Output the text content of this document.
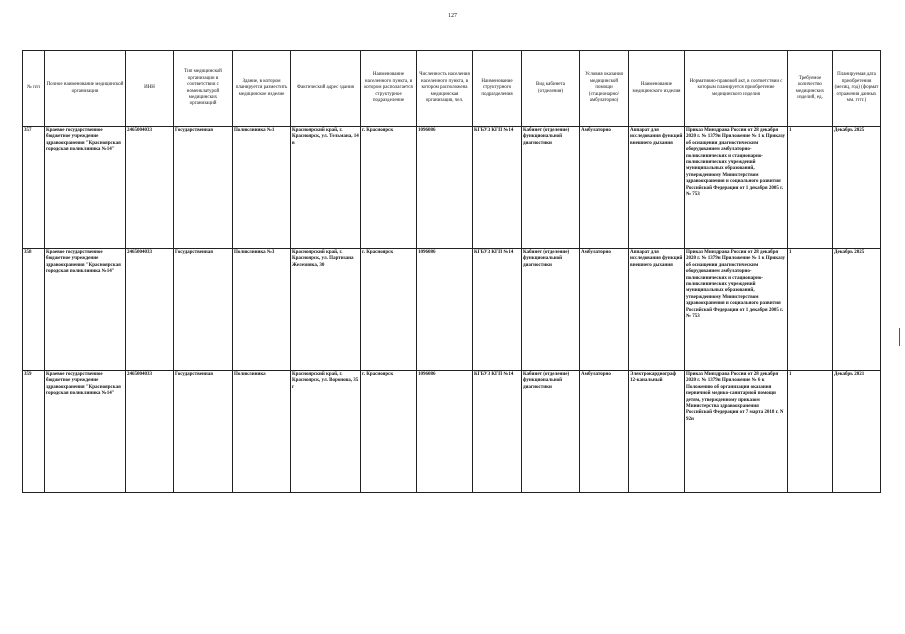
127
№ п/п	Полное наименование медицинской организации	ИНН	Тип медицинской организации в соответствии с номенклатурой медицинских организаций	Здание, в котором планируется разместить медицинское изделие	Фактический адрес здания	Наименование населенного пункта, в котором располагается структурное подразделение	Численность населения населенного пункта, в котором расположена медицинская организация, чел.	Наименование структурного подразделения	Вид кабинета (отделения)	Условия оказания медицинской помощи (стационарно/амбулаторно)	Наименование медицинского изделия	Нормативно-правовой акт, в соответствии с которым планируется приобретение медицинского изделия	Требуемое количество медицинских изделий, ед.	Планируемая дата приобретения (месяц, год) (формат отражения данных мм. гггг.)
357	Краевое государственное бюджетное учреждение здравоохранения "Красноярская городская поликлиника №14"	2465004033	Государственная	Поликлиника №1	Красноярский край, г. Красноярск, ул. Тельмана, 14 в	г. Красноярск	1096086	КГБУЗ КГП №14	Кабинет (отделение) функциональной диагностики	Амбулаторно	Аппарат для исследования функций внешнего дыхания	Приказ Минздрава России от 28 декабря 2020 г. № 1379н Приложение № 1 к Приказу об оснащении диагностическим оборудованием амбулаторно-поликлинических и стационарно-поликлинических учреждений муниципальных образований, утвержденному Министерством здравоохранения и социального развития Российской Федерации от 1 декабря 2005 г. № 753	1	Декабрь 2025
358	Краевое государственное бюджетное учреждение здравоохранения "Красноярская городская поликлиника №14"	2465004033	Государственная	Поликлиника №3	Красноярский край, г. Красноярск, ул. Партизана Железняка, 30	г. Красноярск	1096086	КГБУЗ КГП №14	Кабинет (отделение) функциональной диагностики	Амбулаторно	Аппарат для исследования функций внешнего дыхания	Приказ Минздрава России от 28 декабря 2020 г. № 1379н Приложение № 1 к Приказу об оснащении диагностическим оборудованием амбулаторно-поликлинических и стационарно-поликлинических учреждений муниципальных образований, утвержденному Министерством здравоохранения и социального развития Российской Федерации от 1 декабря 2005 г. № 753	1	Декабрь 2025
359	Краевое государственное бюджетное учреждение здравоохранения "Красноярская городская поликлиника №14"	2465004033	Государственная	Поликлиника	Красноярский край, г. Красноярск, ул. Воронова, 35 г	г. Красноярск	1096086	КГБУЗ КГП №14	Кабинет (отделение) функциональной диагностики	Амбулаторно	Электрокардиограф 12-канальный	Приказ Минздрава России от 28 декабря 2020 г. № 1379н Приложение № 6 к Положению об организации оказания первичной медико-санитарной помощи детям, утвержденному приказом Министерства здравоохранения Российской Федерации от 7 марта 2018 г. N 92н	1	Декабрь 2021
